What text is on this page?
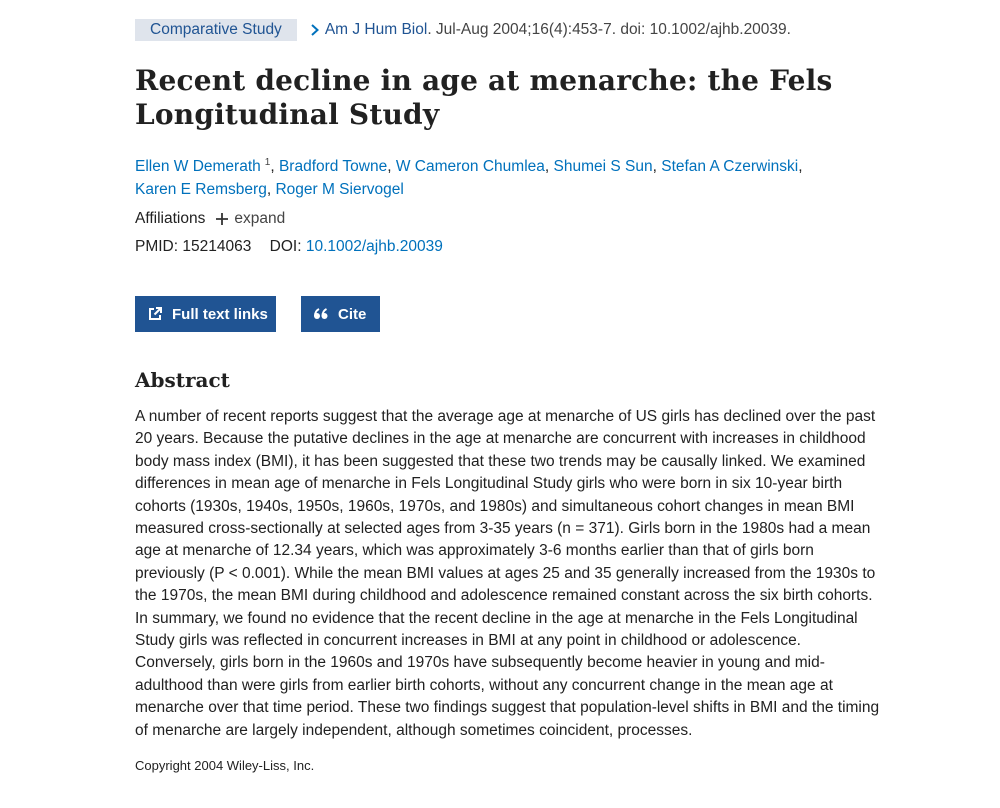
Comparative Study	Am J Hum Biol . Jul-Aug 2004;16(4):453-7. doi: 10.1002/ajhb.20039.
Recent decline in age at menarche: the Fels Longitudinal Study
Ellen W Demerath $^1$, Bradford Towne, W Cameron Chumlea, Shumei S Sun, Stefan A Czerwinski,
Karen E Remsberg, Roger M Siervogel
Affiliations expand
PMID: 15214063 DOI: 10.1002/ajhb.20039
Full text links	Cite
Abstract

A number of recent reports suggest that the average age at menarche of US girls has declined over the past 20 years. Because the putative declines in the age at menarche are concurrent with increases in childhood body mass index (BMI), it has been suggested that these two trends may be causally linked. We examined differences in mean age of menarche in Fels Longitudinal Study girls who were born in six 10-year birth cohorts (1930s, 1940s, 1950s, 1960s, 1970s, and 1980s) and simultaneous cohort changes in mean BMI measured cross-sectionally at selected ages from 3-35 years (n = 371). Girls born in the 1980s had a mean age at menarche of 12.34 years, which was approximately 3-6 months earlier than that of girls born previously (P < 0.001). While the mean BMI values at ages 25 and 35 generally increased from the 1930s to the 1970s, the mean BMI during childhood and adolescence remained constant across the six birth cohorts. In summary, we found no evidence that the recent decline in the age at menarche in the Fels Longitudinal Study girls was reflected in concurrent increases in BMI at any point in childhood or adolescence. Conversely, girls born in the 1960s and 1970s have subsequently become heavier in young and mid-adulthood than were girls from earlier birth cohorts, without any concurrent change in the mean age at menarche over that time period. These two findings suggest that population-level shifts in BMI and the timing of menarche are largely independent, although sometimes coincident, processes.

Copyright 2004 Wiley-Liss, Inc.
